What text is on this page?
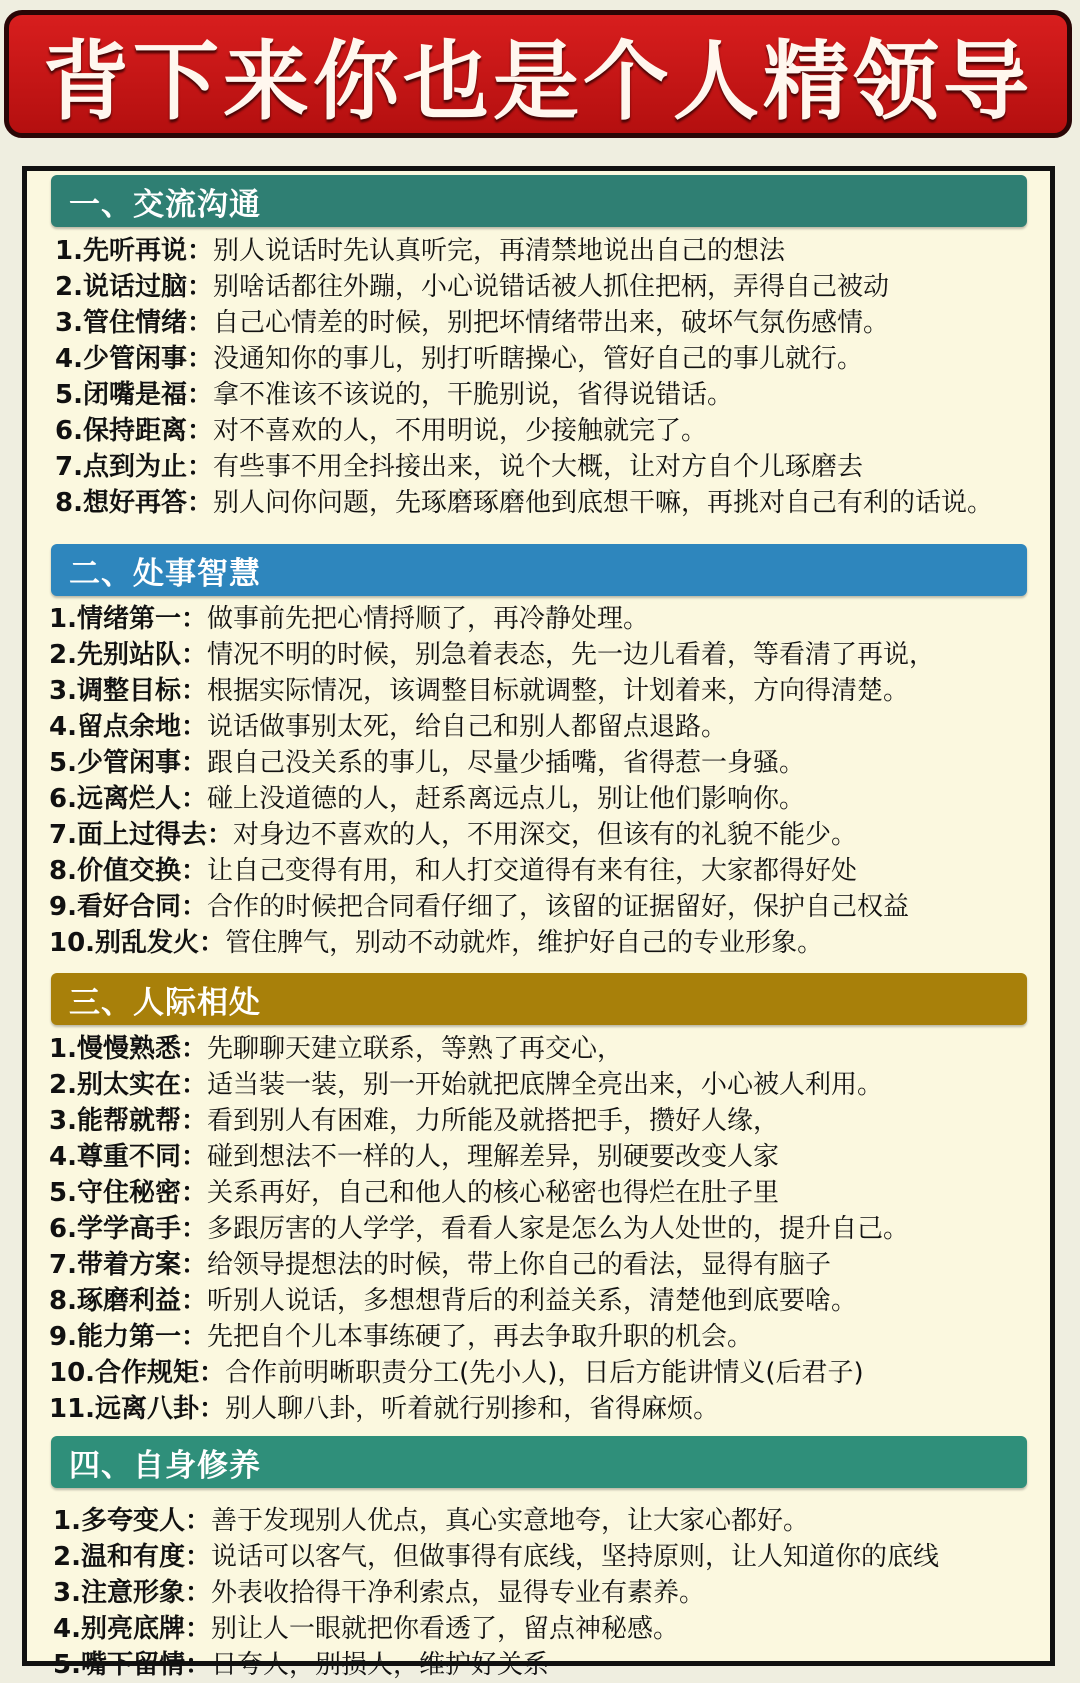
背下来你也是个人精领导
一、交流沟通
1.先听再说：别人说话时先认真听完，再清禁地说出自己的想法
2.说话过脑：别啥话都往外蹦，小心说错话被人抓住把柄，弄得自己被动
3.管住情绪：自己心情差的时候，别把坏情绪带出来，破坏气氛伤感情。
4.少管闲事：没通知你的事儿，别打听瞎操心，管好自己的事儿就行。
5.闭嘴是福：拿不准该不该说的，干脆别说，省得说错话。
6.保持距离：对不喜欢的人，不用明说，少接触就完了。
7.点到为止：有些事不用全抖接出来，说个大概，让对方自个儿琢磨去
8.想好再答：别人问你问题，先琢磨琢磨他到底想干嘛，再挑对自己有利的话说。
二、处事智慧
1.情绪第一：做事前先把心情捋顺了，再冷静处理。
2.先别站队：情况不明的时候，别急着表态，先一边儿看着，等看清了再说，
3.调整目标：根据实际情况，该调整目标就调整，计划着来，方向得清楚。
4.留点余地：说话做事别太死，给自己和别人都留点退路。
5.少管闲事：跟自己没关系的事儿，尽量少插嘴，省得惹一身骚。
6.远离烂人：碰上没道德的人，赶系离远点儿，别让他们影响你。
7.面上过得去：对身边不喜欢的人，不用深交，但该有的礼貌不能少。
8.价值交换：让自己变得有用，和人打交道得有来有往，大家都得好处
9.看好合同：合作的时候把合同看仔细了，该留的证据留好，保护自己权益
10.别乱发火：管住脾气，别动不动就炸，维护好自己的专业形象。
三、人际相处
1.慢慢熟悉：先聊聊天建立联系，等熟了再交心，
2.别太实在：适当装一装，别一开始就把底牌全亮出来，小心被人利用。
3.能帮就帮：看到别人有困难，力所能及就搭把手，攒好人缘，
4.尊重不同：碰到想法不一样的人，理解差异，别硬要改变人家
5.守住秘密：关系再好，自己和他人的核心秘密也得烂在肚子里
6.学学高手：多跟厉害的人学学，看看人家是怎么为人处世的，提升自己。
7.带着方案：给领导提想法的时候，带上你自己的看法，显得有脑子
8.琢磨利益：听别人说话，多想想背后的利益关系，清楚他到底要啥。
9.能力第一：先把自个儿本事练硬了，再去争取升职的机会。
10.合作规矩：合作前明晰职责分工(先小人)，日后方能讲情义(后君子)
11.远离八卦：别人聊八卦，听着就行别掺和，省得麻烦。
四、自身修养
1.多夸变人：善于发现别人优点，真心实意地夸，让大家心都好。
2.温和有度：说话可以客气，但做事得有底线，坚持原则，让人知道你的底线
3.注意形象：外表收拾得干净利索点，显得专业有素养。
4.别亮底牌：别让人一眼就把你看透了，留点神秘感。
5.嘴下留情：日夸人，别损人，维护好关系
